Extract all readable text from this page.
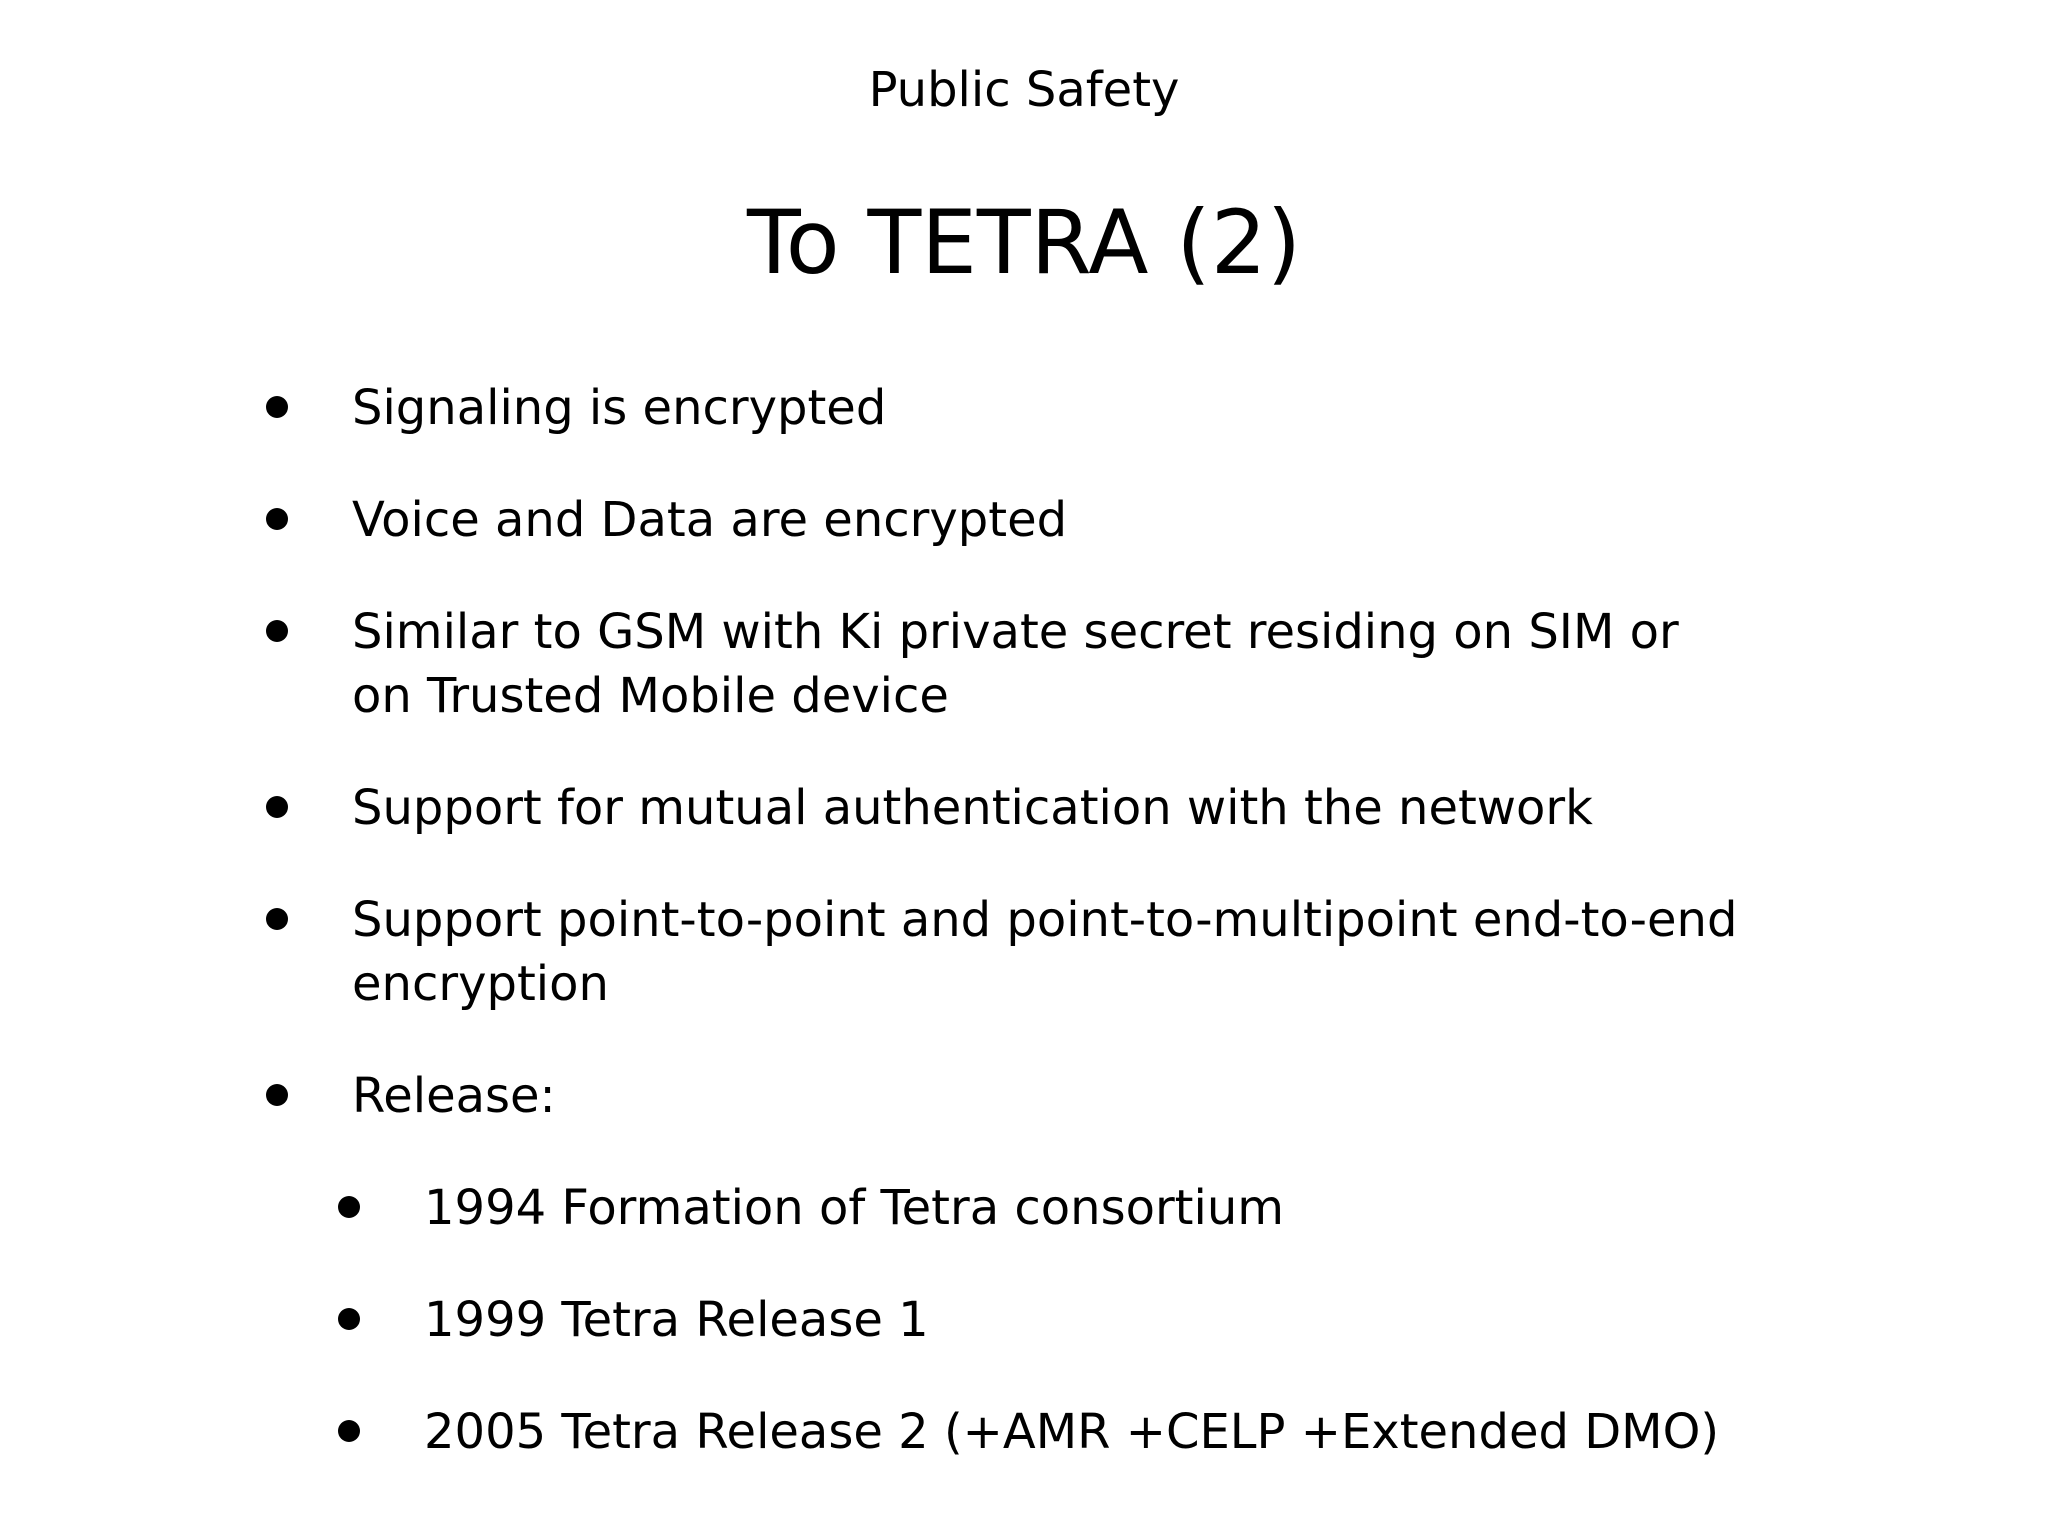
Public Safety
To TETRA (2)
Signaling is encrypted
Voice and Data are encrypted
Similar to GSM with Ki private secret residing on SIM or on Trusted Mobile device
Support for mutual authentication with the network
Support point-to-point and point-to-multipoint end-to-end encryption
Release:
1994 Formation of Tetra consortium
1999 Tetra Release 1
2005 Tetra Release 2 (+AMR +CELP +Extended DMO)
